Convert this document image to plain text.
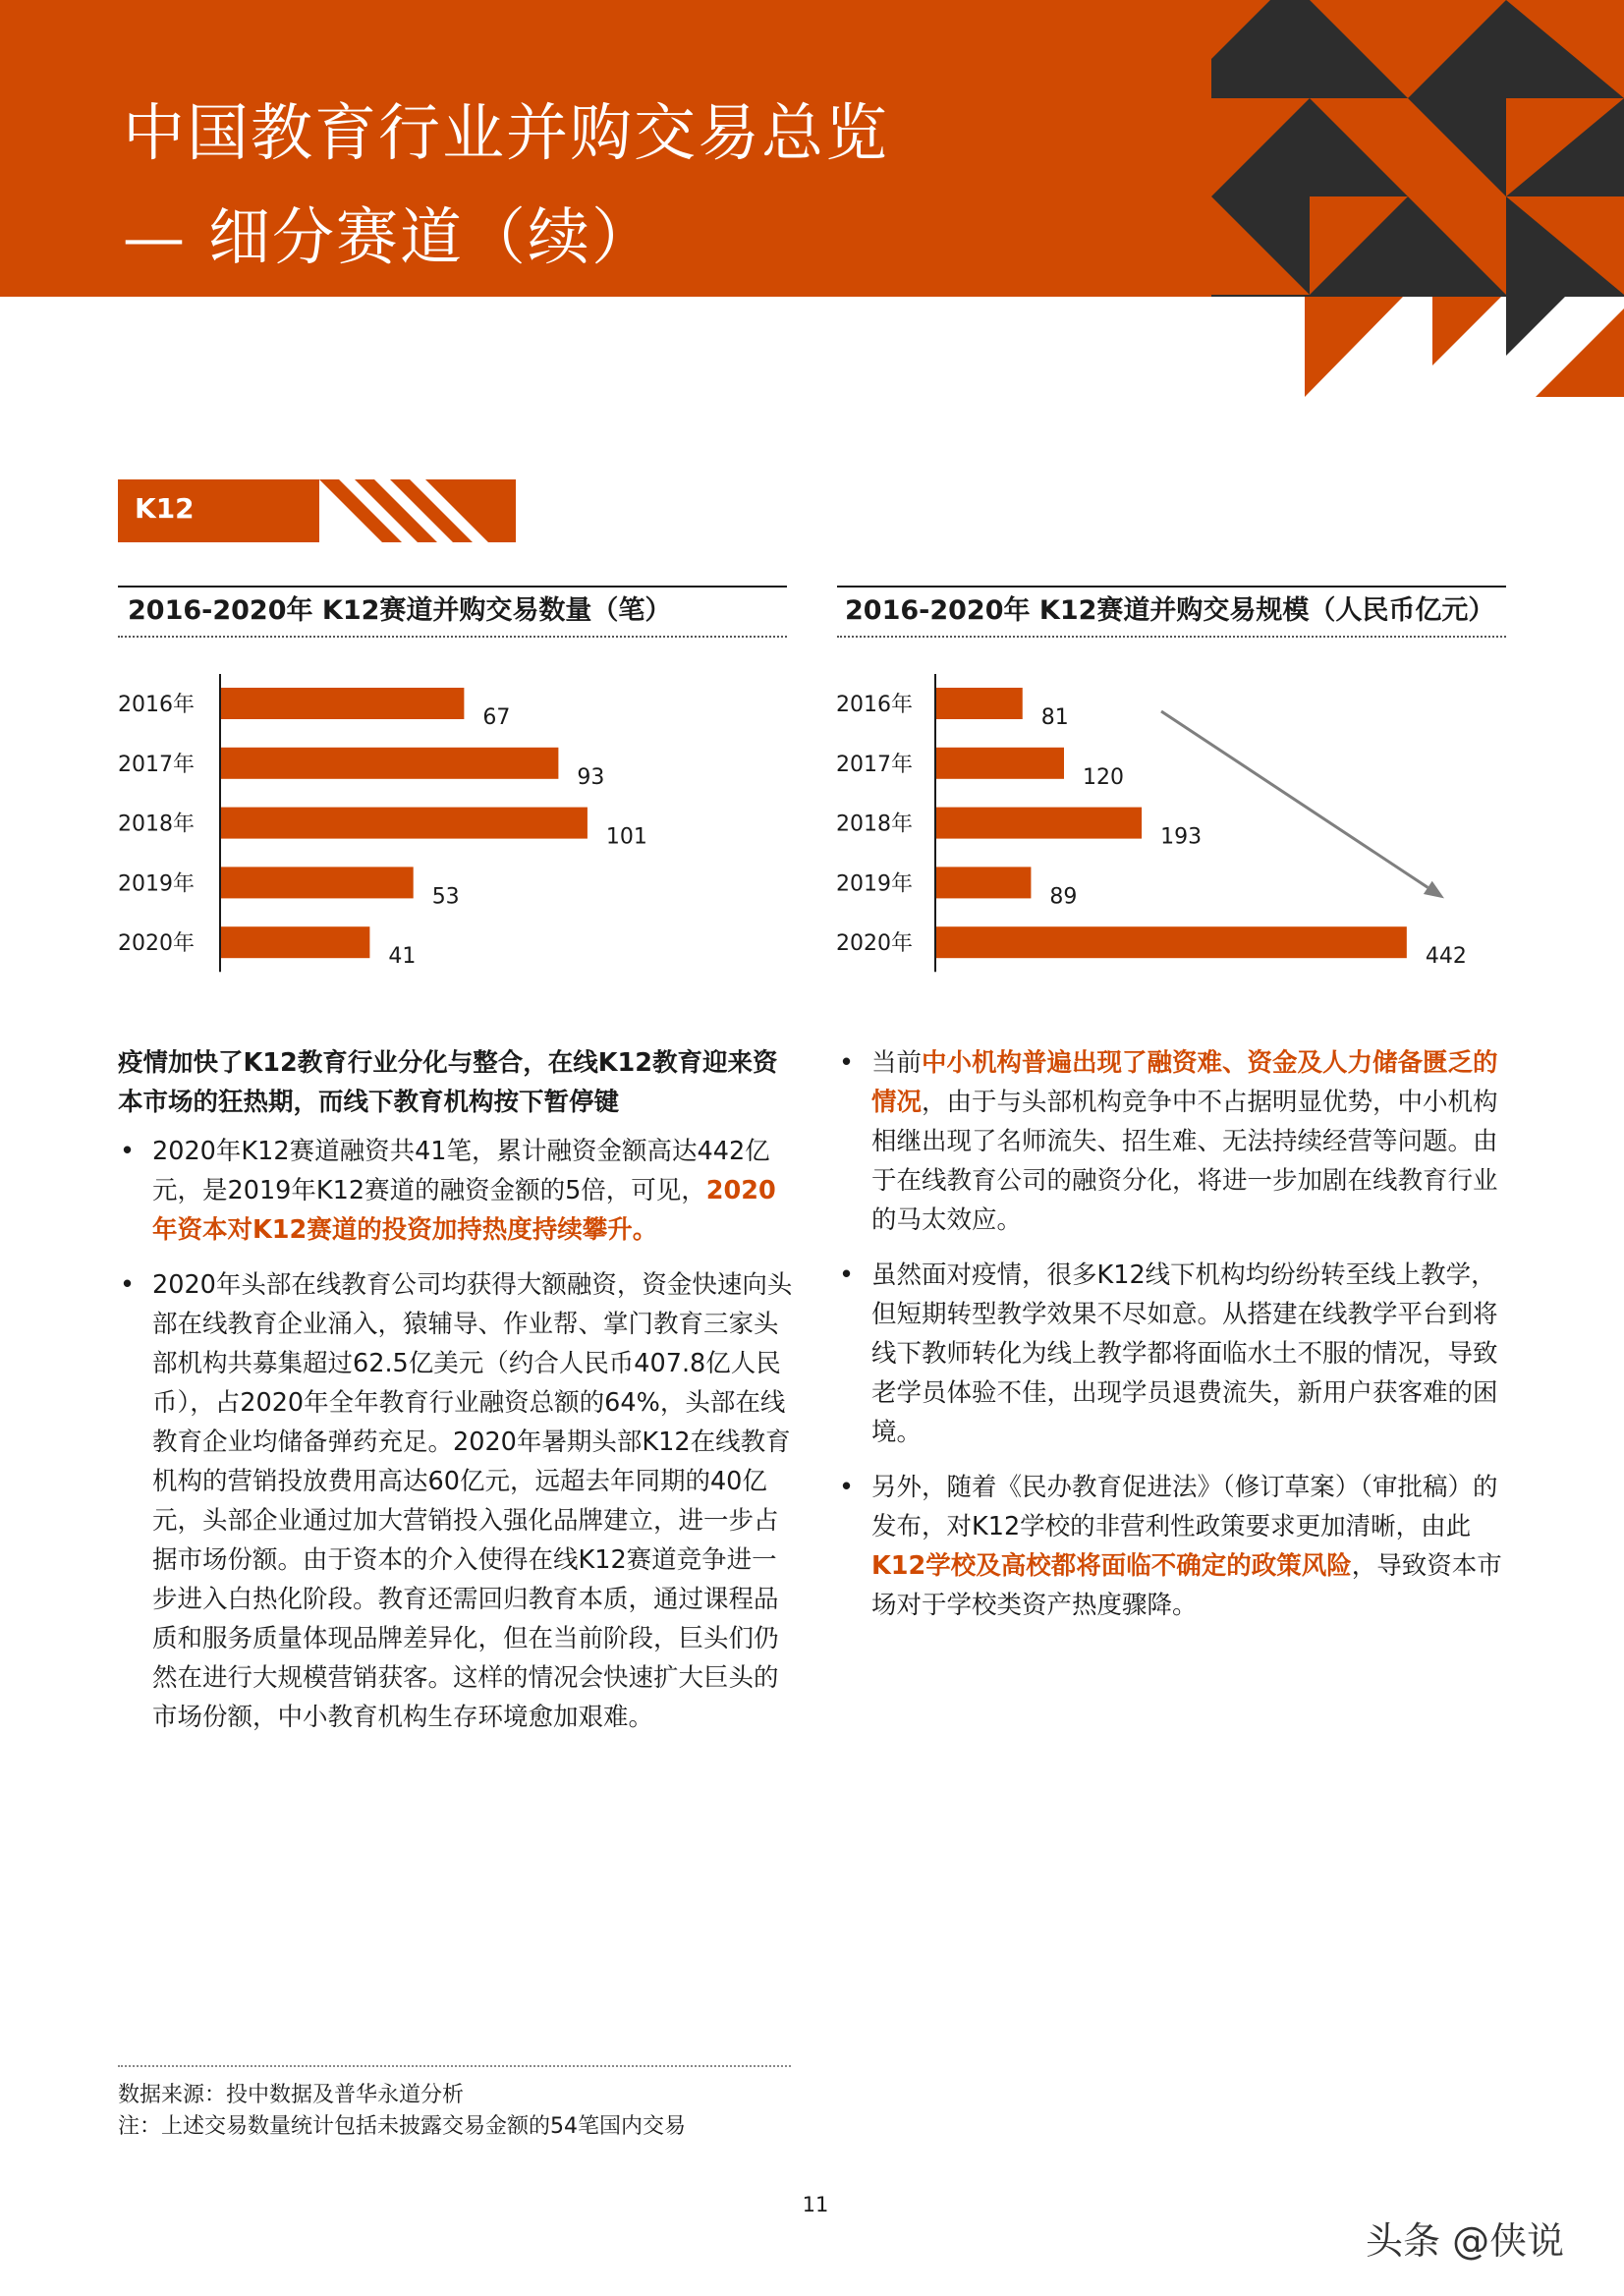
中国教育行业并购交易总览
— 细分赛道（续）
K12
2016-2020年 K12赛道并购交易数量（笔）
2016年
67
2017年
93
2018年
101
2019年
53
2020年
41
2016-2020年 K12赛道并购交易规模（人民币亿元）
2016年
81
2017年
120
2018年
193
2019年
89
2020年
442

疫情加快了K12教育行业分化与整合，在线K12教育迎来资本市场的狂热期，而线下教育机构按下暂停键

• 2020年K12赛道融资共41笔，累计融资金额高达442亿元，是2019年K12赛道的融资金额的5倍，可见，2020年资本对K12赛道的投资加持热度持续攀升。
• 2020年头部在线教育公司均获得大额融资，资金快速向头部在线教育企业涌入，猿辅导、作业帮、掌门教育三家头部机构共募集超过62.5亿美元（约合人民币407.8亿人民币），占2020年全年教育行业融资总额的64%，头部在线教育企业均储备弹药充足。2020年暑期头部K12在线教育机构的营销投放费用高达60亿元，远超去年同期的40亿元，头部企业通过加大营销投入强化品牌建立，进一步占据市场份额。由于资本的介入使得在线K12赛道竞争进一步进入白热化阶段。教育还需回归教育本质，通过课程品质和服务质量体现品牌差异化，但在当前阶段，巨头们仍然在进行大规模营销获客。这样的情况会快速扩大巨头的市场份额，中小教育机构生存环境愈加艰难。
• 当前中小机构普遍出现了融资难、资金及人力储备匮乏的情况，由于与头部机构竞争中不占据明显优势，中小机构相继出现了名师流失、招生难、无法持续经营等问题。由于在线教育公司的融资分化，将进一步加剧在线教育行业的马太效应。
• 虽然面对疫情，很多K12线下机构均纷纷转至线上教学，但短期转型教学效果不尽如意。从搭建在线教学平台到将线下教师转化为线上教学都将面临水土不服的情况，导致老学员体验不佳，出现学员退费流失，新用户获客难的困境。
• 另外，随着《民办教育促进法》（修订草案）（审批稿）的发布，对K12学校的非营利性政策要求更加清晰，由此K12学校及高校都将面临不确定的政策风险，导致资本市场对于学校类资产热度骤降。
数据来源：投中数据及普华永道分析
注：上述交易数量统计包括未披露交易金额的54笔国内交易
11
头条 @侠说
